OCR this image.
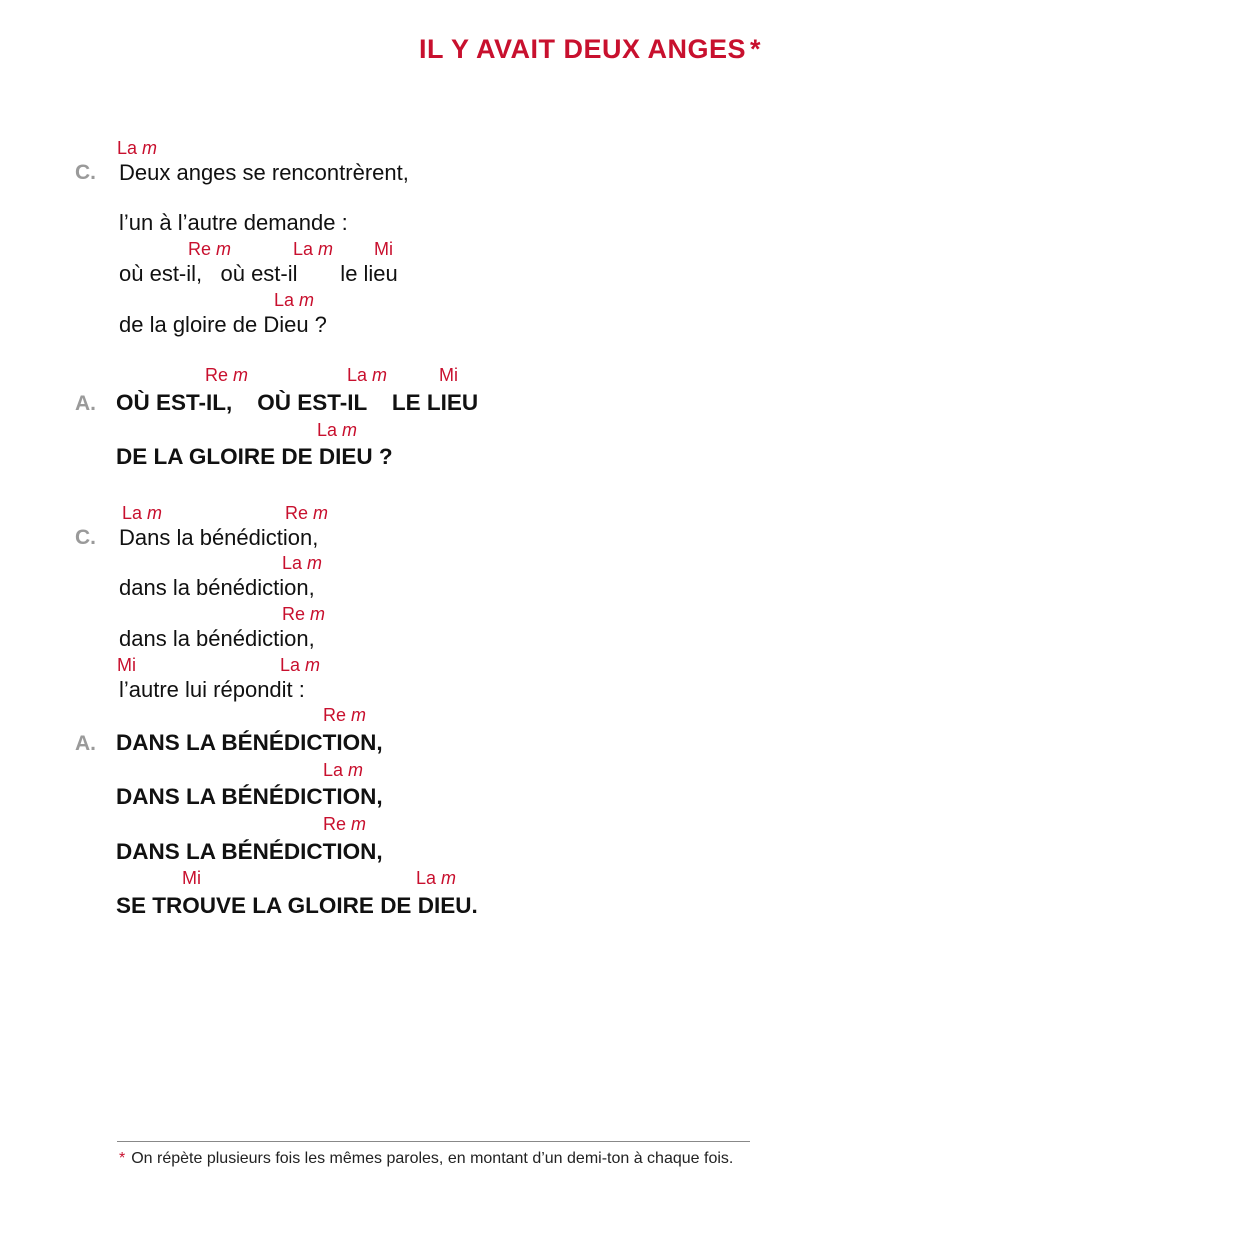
IL Y AVAIT DEUX ANGES *
La m
C. Deux anges se rencontrèrent,
l’un à l’autre demande :
Re m	La m Mi
où est-il,   où est-il       le lieu
La m
de la gloire de Dieu ?
Re m	La m	Mi
A. OÙ EST-IL,    OÙ EST-IL    LE LIEU
La m
DE LA GLOIRE DE DIEU ?
La m	Re m
C. Dans la bénédiction,
La m
dans la bénédiction,
Re m
dans la bénédiction,
Mi	La m
l’autre lui répondit :
Re m
A. DANS LA BÉNÉDICTION,
La m
DANS LA BÉNÉDICTION,
Re m
DANS LA BÉNÉDICTION,
Mi	La m
SE TROUVE LA GLOIRE DE DIEU.
* On répète plusieurs fois les mêmes paroles, en montant d’un demi-ton à chaque fois.
